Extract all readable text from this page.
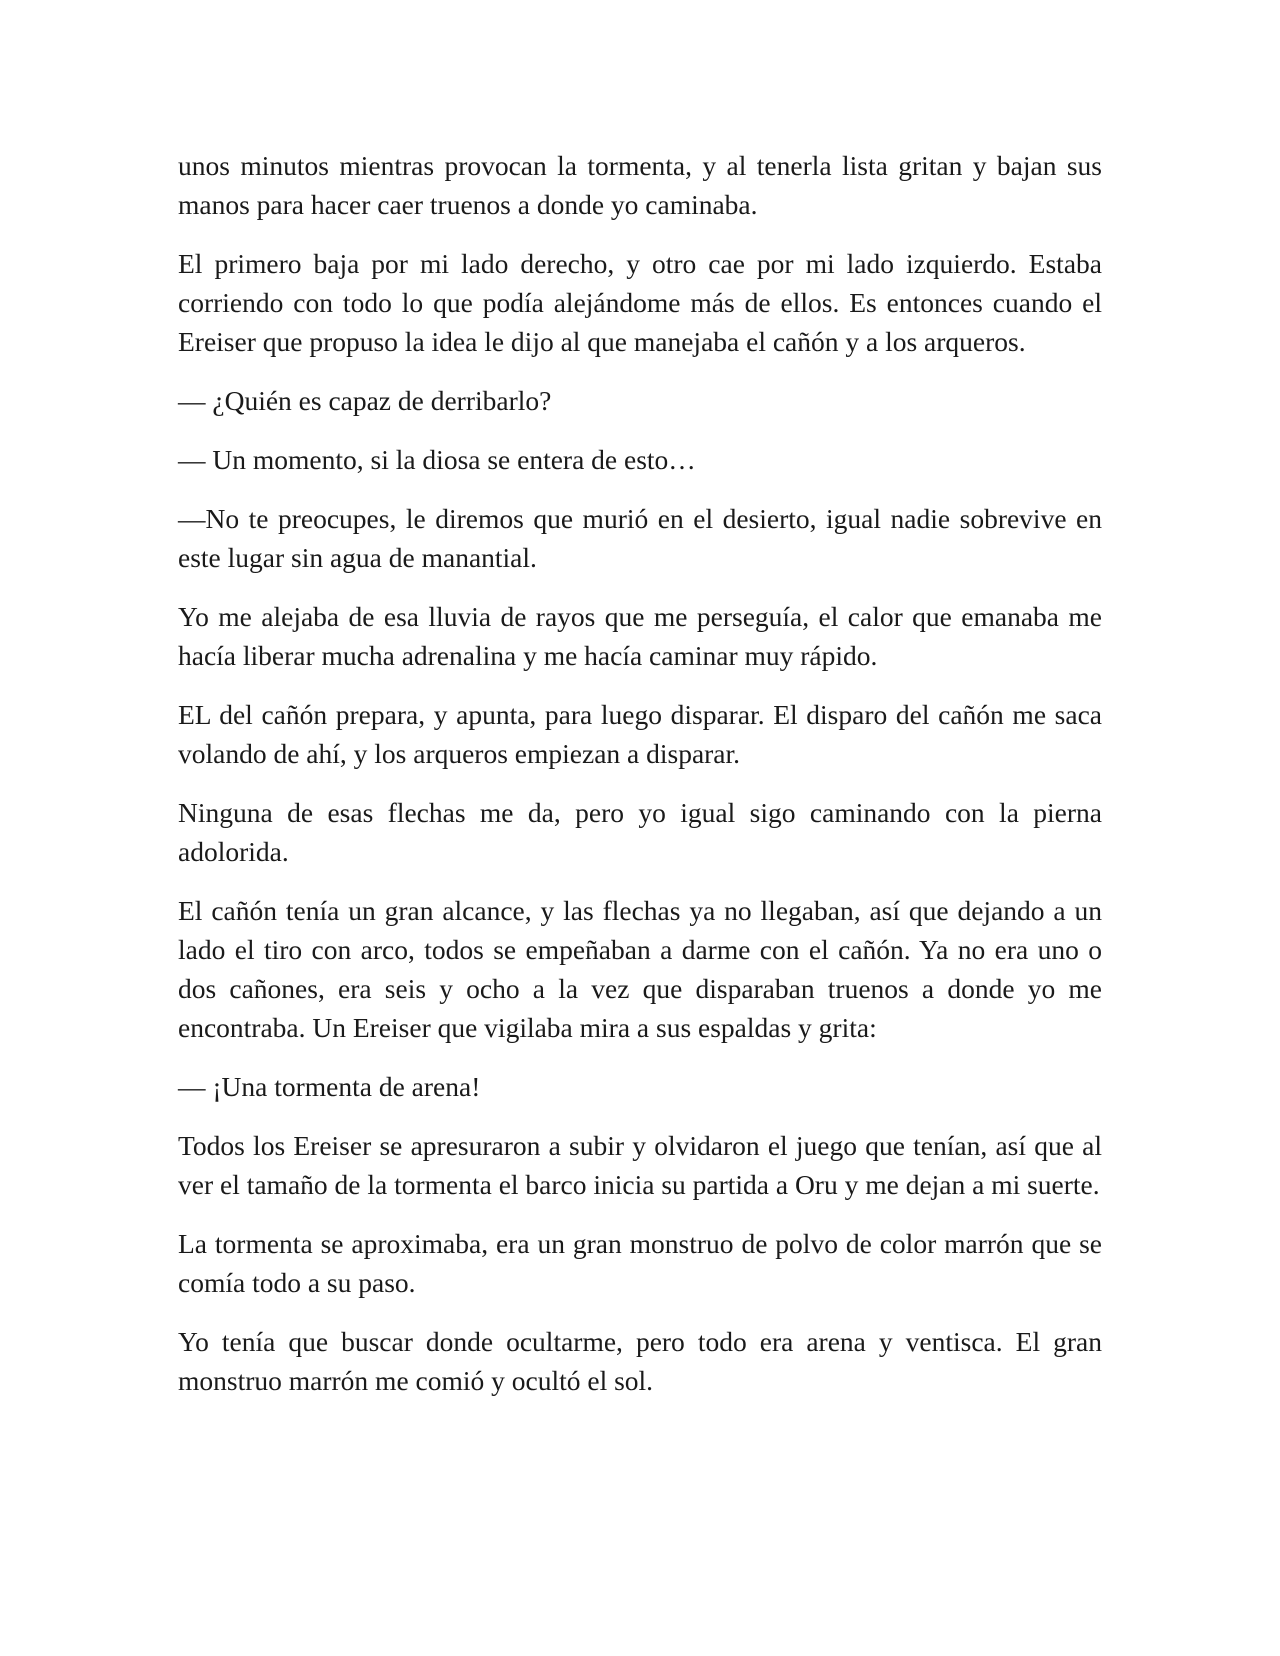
unos minutos mientras provocan la tormenta, y al tenerla lista gritan y bajan sus manos para hacer caer truenos a donde yo caminaba.

El primero baja por mi lado derecho, y otro cae por mi lado izquierdo. Estaba corriendo con todo lo que podía alejándome más de ellos. Es entonces cuando el Ereiser que propuso la idea le dijo al que manejaba el cañón y a los arqueros.

— ¿Quién es capaz de derribarlo?

— Un momento, si la diosa se entera de esto…

—No te preocupes, le diremos que murió en el desierto, igual nadie sobrevive en este lugar sin agua de manantial.

Yo me alejaba de esa lluvia de rayos que me perseguía, el calor que emanaba me hacía liberar mucha adrenalina y me hacía caminar muy rápido.

EL del cañón prepara, y apunta, para luego disparar. El disparo del cañón me saca volando de ahí, y los arqueros empiezan a disparar.

Ninguna de esas flechas me da, pero yo igual sigo caminando con la pierna adolorida.

El cañón tenía un gran alcance, y las flechas ya no llegaban, así que dejando a un lado el tiro con arco, todos se empeñaban a darme con el cañón. Ya no era uno o dos cañones, era seis y ocho a la vez que disparaban truenos a donde yo me encontraba. Un Ereiser que vigilaba mira a sus espaldas y grita:

— ¡Una tormenta de arena!

Todos los Ereiser se apresuraron a subir y olvidaron el juego que tenían, así que al ver el tamaño de la tormenta el barco inicia su partida a Oru y me dejan a mi suerte.

La tormenta se aproximaba, era un gran monstruo de polvo de color marrón que se comía todo a su paso.

Yo tenía que buscar donde ocultarme, pero todo era arena y ventisca. El gran monstruo marrón me comió y ocultó el sol.
